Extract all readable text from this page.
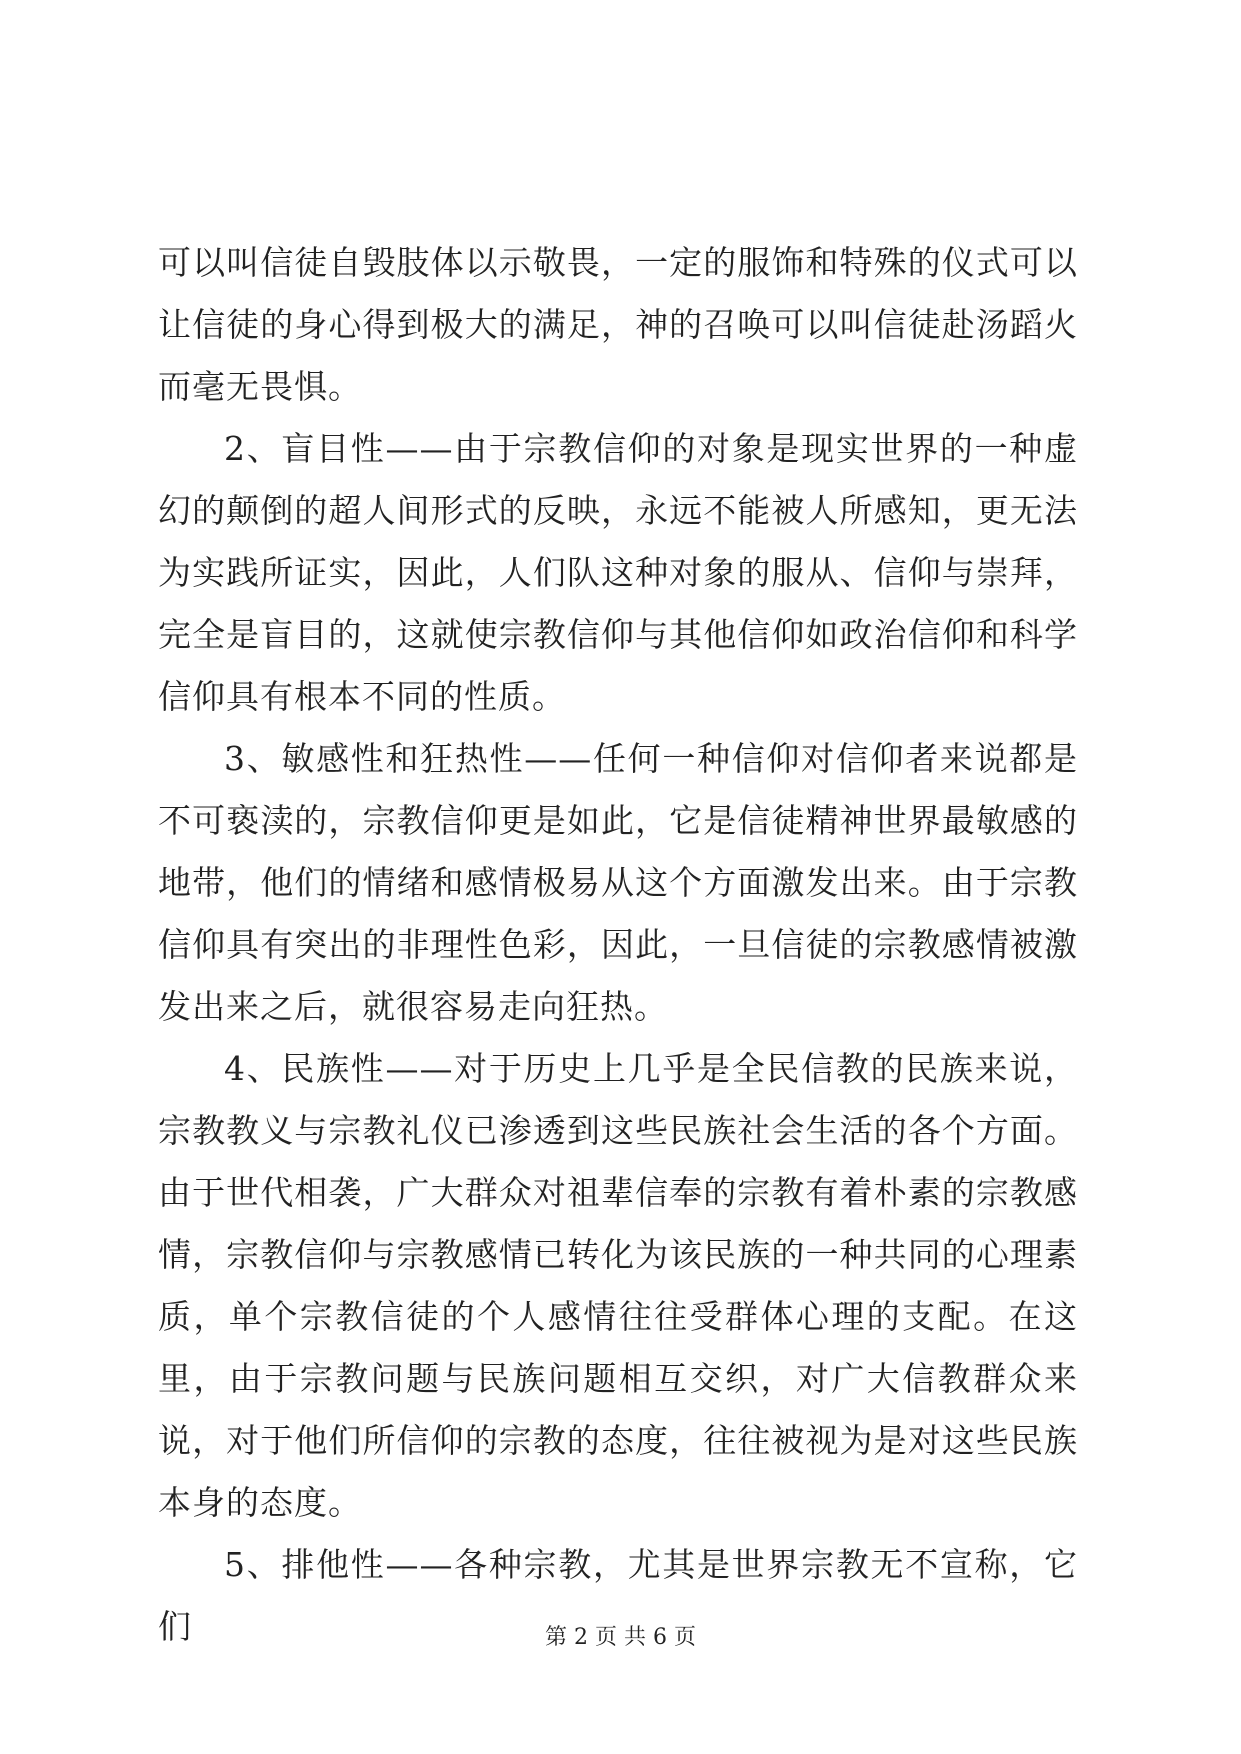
可以叫信徒自毁肢体以示敬畏，一定的服饰和特殊的仪式可以让信徒的身心得到极大的满足，神的召唤可以叫信徒赴汤蹈火而毫无畏惧。

2、盲目性——由于宗教信仰的对象是现实世界的一种虚幻的颠倒的超人间形式的反映，永远不能被人所感知，更无法为实践所证实，因此，人们队这种对象的服从、信仰与崇拜，完全是盲目的，这就使宗教信仰与其他信仰如政治信仰和科学信仰具有根本不同的性质。

3、敏感性和狂热性——任何一种信仰对信仰者来说都是不可亵渎的，宗教信仰更是如此，它是信徒精神世界最敏感的地带，他们的情绪和感情极易从这个方面激发出来。由于宗教信仰具有突出的非理性色彩，因此，一旦信徒的宗教感情被激发出来之后，就很容易走向狂热。

4、民族性——对于历史上几乎是全民信教的民族来说，宗教教义与宗教礼仪已渗透到这些民族社会生活的各个方面。由于世代相袭，广大群众对祖辈信奉的宗教有着朴素的宗教感情，宗教信仰与宗教感情已转化为该民族的一种共同的心理素质，单个宗教信徒的个人感情往往受群体心理的支配。在这里，由于宗教问题与民族问题相互交织，对广大信教群众来说，对于他们所信仰的宗教的态度，往往被视为是对这些民族本身的态度。

5、排他性——各种宗教，尤其是世界宗教无不宣称，它们	第 2 页 共 6 页
